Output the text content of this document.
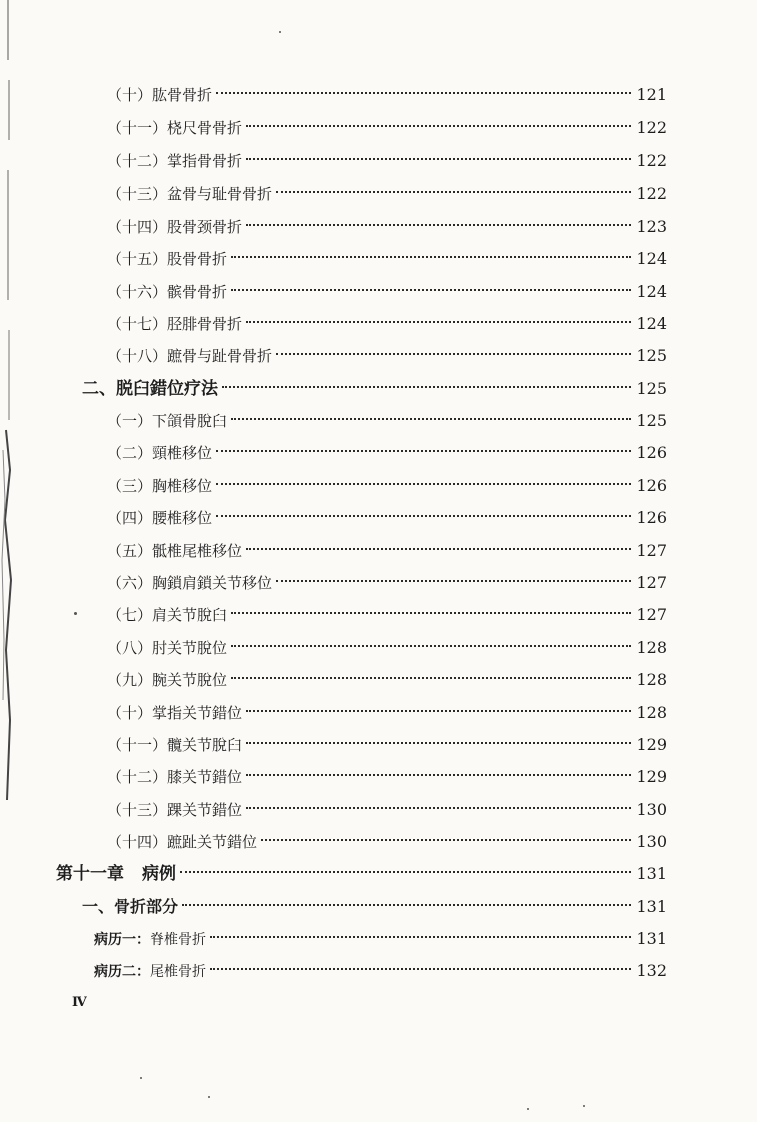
（十） 肱骨骨折	121
（十一） 桡尺骨骨折	122
（十二） 掌指骨骨折	122
（十三） 盆骨与耻骨骨折	122
（十四） 股骨颈骨折	123
（十五） 股骨骨折	124
（十六） 髌骨骨折	124
（十七） 胫腓骨骨折	124
（十八） 蹠骨与趾骨骨折	125
二、 脱臼錯位疗法	125
（一） 下頜骨脫臼	125
（二） 頸椎移位	126
（三） 胸椎移位	126
（四） 腰椎移位	126
（五） 骶椎尾椎移位	127
（六） 胸鎖肩鎖关节移位	127
（七） 肩关节脫臼	127
（八） 肘关节脫位	128
（九） 腕关节脫位	128
（十） 掌指关节錯位	128
（十一） 髖关节脫臼	129
（十二） 膝关节錯位	129
（十三） 踝关节錯位	130
（十四） 蹠趾关节錯位	130
第十一章 病例	131
一、 骨折部分	131
病历一： 脊椎骨折	131
病历二： 尾椎骨折	132
Ⅳ
